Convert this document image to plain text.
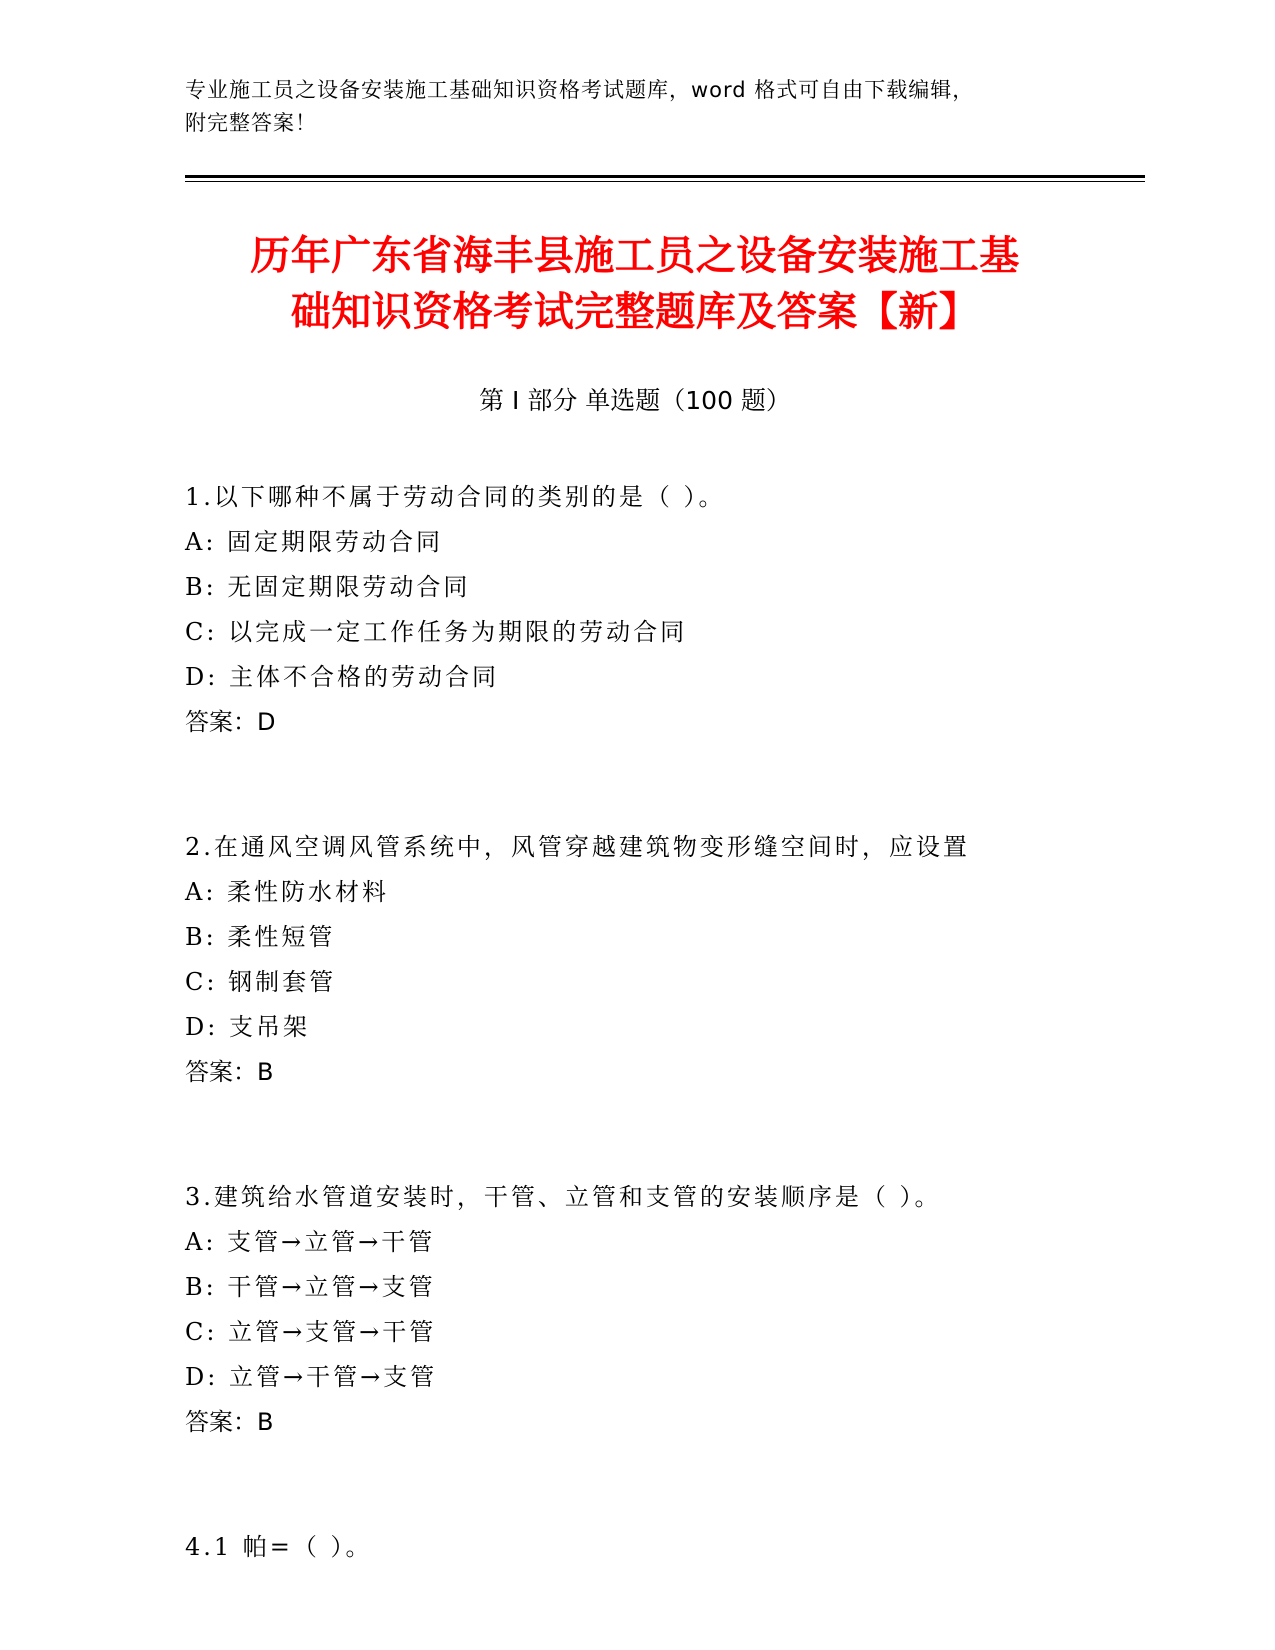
专业施工员之设备安装施工基础知识资格考试题库，word 格式可自由下载编辑，
附完整答案！
历年广东省海丰县施工员之设备安装施工基
础知识资格考试完整题库及答案【新】
第 I 部分 单选题（100 题）
1.以下哪种不属于劳动合同的类别的是（ ）。
A: 固定期限劳动合同
B: 无固定期限劳动合同
C: 以完成一定工作任务为期限的劳动合同
D: 主体不合格的劳动合同
答案：D
2.在通风空调风管系统中，风管穿越建筑物变形缝空间时，应设置
A: 柔性防水材料
B: 柔性短管
C: 钢制套管
D: 支吊架
答案：B
3.建筑给水管道安装时，干管、立管和支管的安装顺序是（ ）。
A: 支管→立管→干管
B: 干管→立管→支管
C: 立管→支管→干管
D: 立管→干管→支管
答案：B
4.1 帕=（ ）。
